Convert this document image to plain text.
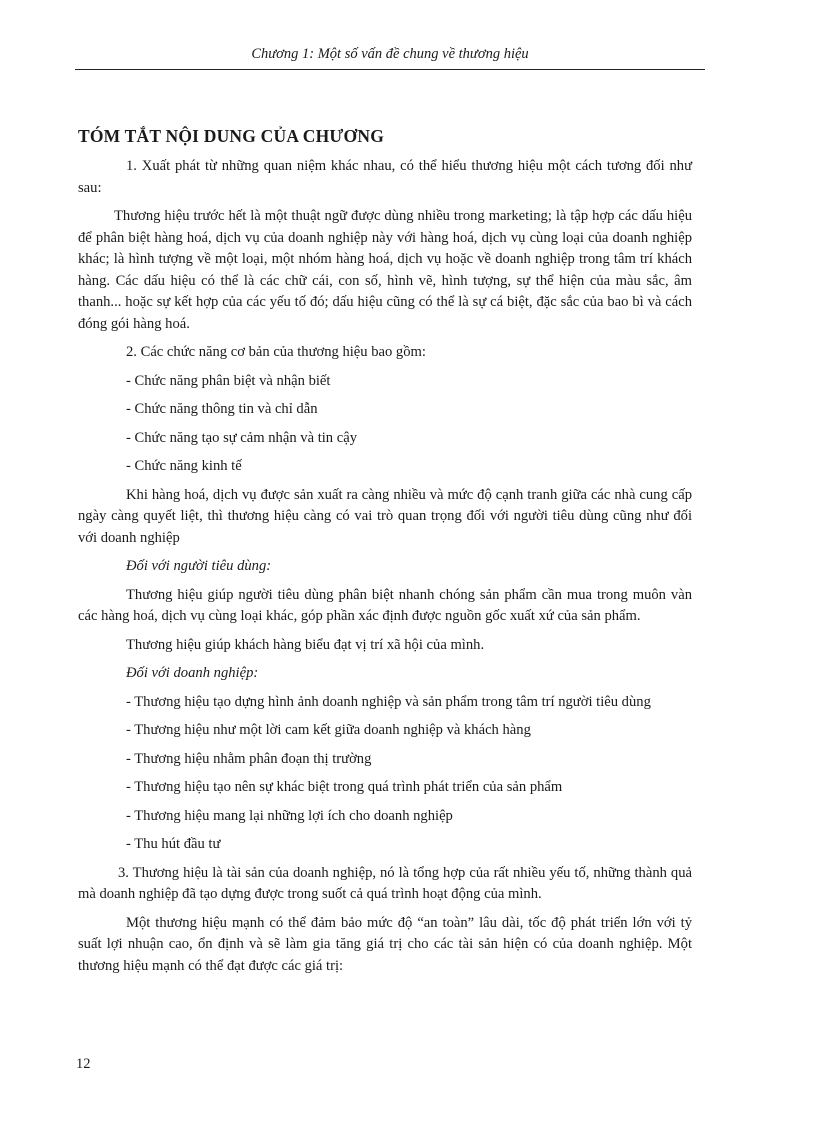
Chương 1: Một số vấn đề chung về thương hiệu
TÓM TẮT NỘI DUNG CỦA CHƯƠNG

1. Xuất phát từ những quan niệm khác nhau, có thể hiểu thương hiệu một cách tương đối như sau:

Thương hiệu trước hết là một thuật ngữ được dùng nhiều trong marketing; là tập hợp các dấu hiệu để phân biệt hàng hoá, dịch vụ của doanh nghiệp này với hàng hoá, dịch vụ cùng loại của doanh nghiệp khác; là hình tượng về một loại, một nhóm hàng hoá, dịch vụ hoặc về doanh nghiệp trong tâm trí khách hàng. Các dấu hiệu có thể là các chữ cái, con số, hình vẽ, hình tượng, sự thể hiện của màu sắc, âm thanh... hoặc sự kết hợp của các yếu tố đó; dấu hiệu cũng có thể là sự cá biệt, đặc sắc của bao bì và cách đóng gói hàng hoá.

2. Các chức năng cơ bản của thương hiệu bao gồm:

- Chức năng phân biệt và nhận biết

- Chức năng thông tin và chỉ dẫn

- Chức năng tạo sự cảm nhận và tin cậy

- Chức năng kinh tế

Khi hàng hoá, dịch vụ được sản xuất ra càng nhiều và mức độ cạnh tranh giữa các nhà cung cấp ngày càng quyết liệt, thì thương hiệu càng có vai trò quan trọng đối với người tiêu dùng cũng như đối với doanh nghiệp

Đối với người tiêu dùng:

Thương hiệu giúp người tiêu dùng phân biệt nhanh chóng sản phẩm cần mua trong muôn vàn các hàng hoá, dịch vụ cùng loại khác, góp phần xác định được nguồn gốc xuất xứ của sản phẩm.

Thương hiệu giúp khách hàng biểu đạt vị trí xã hội của mình.

Đối với doanh nghiệp:

- Thương hiệu tạo dựng hình ảnh doanh nghiệp và sản phẩm trong tâm trí người tiêu dùng

- Thương hiệu như một lời cam kết giữa doanh nghiệp và khách hàng

- Thương hiệu nhằm phân đoạn thị trường

- Thương hiệu tạo nên sự khác biệt trong quá trình phát triển của sản phẩm

- Thương hiệu mang lại những lợi ích cho doanh nghiệp

- Thu hút đầu tư

3. Thương hiệu là tài sản của doanh nghiệp, nó là tổng hợp của rất nhiều yếu tố, những thành quả mà doanh nghiệp đã tạo dựng được trong suốt cả quá trình hoạt động của mình.

Một thương hiệu mạnh có thể đảm bảo mức độ “an toàn” lâu dài, tốc độ phát triển lớn với tỷ suất lợi nhuận cao, ổn định và sẽ làm gia tăng giá trị cho các tài sản hiện có của doanh nghiệp. Một thương hiệu mạnh có thể đạt được các giá trị:

12
